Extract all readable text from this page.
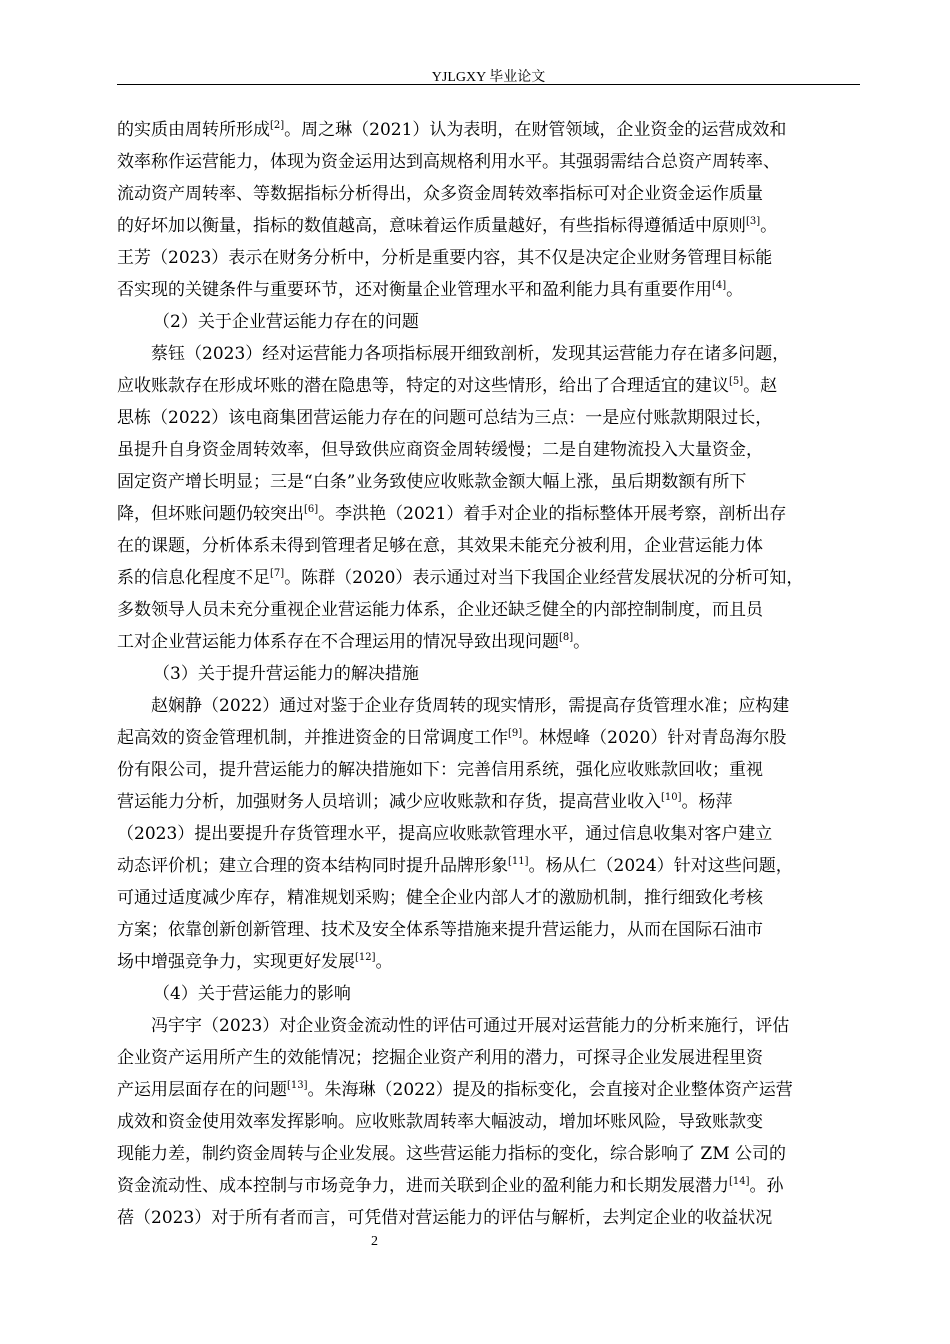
YJLGXY 毕业论文
的实质由周转所形成[2]。周之琳（2021）认为表明，在财管领域，企业资金的运营成效和
效率称作运营能力，体现为资金运用达到高规格利用水平。其强弱需结合总资产周转率、
流动资产周转率、等数据指标分析得出，众多资金周转效率指标可对企业资金运作质量
的好坏加以衡量，指标的数值越高，意味着运作质量越好，有些指标得遵循适中原则[3]。
王芳（2023）表示在财务分析中，分析是重要内容，其不仅是决定企业财务管理目标能
否实现的关键条件与重要环节，还对衡量企业管理水平和盈利能力具有重要作用[4]。
（2）关于企业营运能力存在的问题
蔡钰（2023）经对运营能力各项指标展开细致剖析，发现其运营能力存在诸多问题，
应收账款存在形成坏账的潜在隐患等，特定的对这些情形，给出了合理适宜的建议[5]。赵
思栋（2022）该电商集团营运能力存在的问题可总结为三点：一是应付账款期限过长，
虽提升自身资金周转效率，但导致供应商资金周转缓慢；二是自建物流投入大量资金，
固定资产增长明显；三是“白条”业务致使应收账款金额大幅上涨，虽后期数额有所下
降，但坏账问题仍较突出[6]。李洪艳（2021）着手对企业的指标整体开展考察，剖析出存
在的课题，分析体系未得到管理者足够在意，其效果未能充分被利用，企业营运能力体
系的信息化程度不足[7]。陈群（2020）表示通过对当下我国企业经营发展状况的分析可知，
多数领导人员未充分重视企业营运能力体系，企业还缺乏健全的内部控制制度，而且员
工对企业营运能力体系存在不合理运用的情况导致出现问题[8]。
（3）关于提升营运能力的解决措施
赵娴静（2022）通过对鉴于企业存货周转的现实情形，需提高存货管理水准；应构建
起高效的资金管理机制，并推进资金的日常调度工作[9]。林煜峰（2020）针对青岛海尔股
份有限公司，提升营运能力的解决措施如下：完善信用系统，强化应收账款回收；重视
营运能力分析，加强财务人员培训；减少应收账款和存货，提高营业收入[10]。杨萍
（2023）提出要提升存货管理水平，提高应收账款管理水平，通过信息收集对客户建立
动态评价机；建立合理的资本结构同时提升品牌形象[11]。杨从仁（2024）针对这些问题，
可通过适度减少库存，精准规划采购；健全企业内部人才的激励机制，推行细致化考核
方案；依靠创新创新管理、技术及安全体系等措施来提升营运能力，从而在国际石油市
场中增强竞争力，实现更好发展[12]。
（4）关于营运能力的影响
冯宇宇（2023）对企业资金流动性的评估可通过开展对运营能力的分析来施行，评估
企业资产运用所产生的效能情况；挖掘企业资产利用的潜力，可探寻企业发展进程里资
产运用层面存在的问题[13]。朱海琳（2022）提及的指标变化，会直接对企业整体资产运营
成效和资金使用效率发挥影响。应收账款周转率大幅波动，增加坏账风险，导致账款变
现能力差，制约资金周转与企业发展。这些营运能力指标的变化，综合影响了 ZM 公司的
资金流动性、成本控制与市场竞争力，进而关联到企业的盈利能力和长期发展潜力[14]。孙
蓓（2023）对于所有者而言，可凭借对营运能力的评估与解析，去判定企业的收益状况
2
